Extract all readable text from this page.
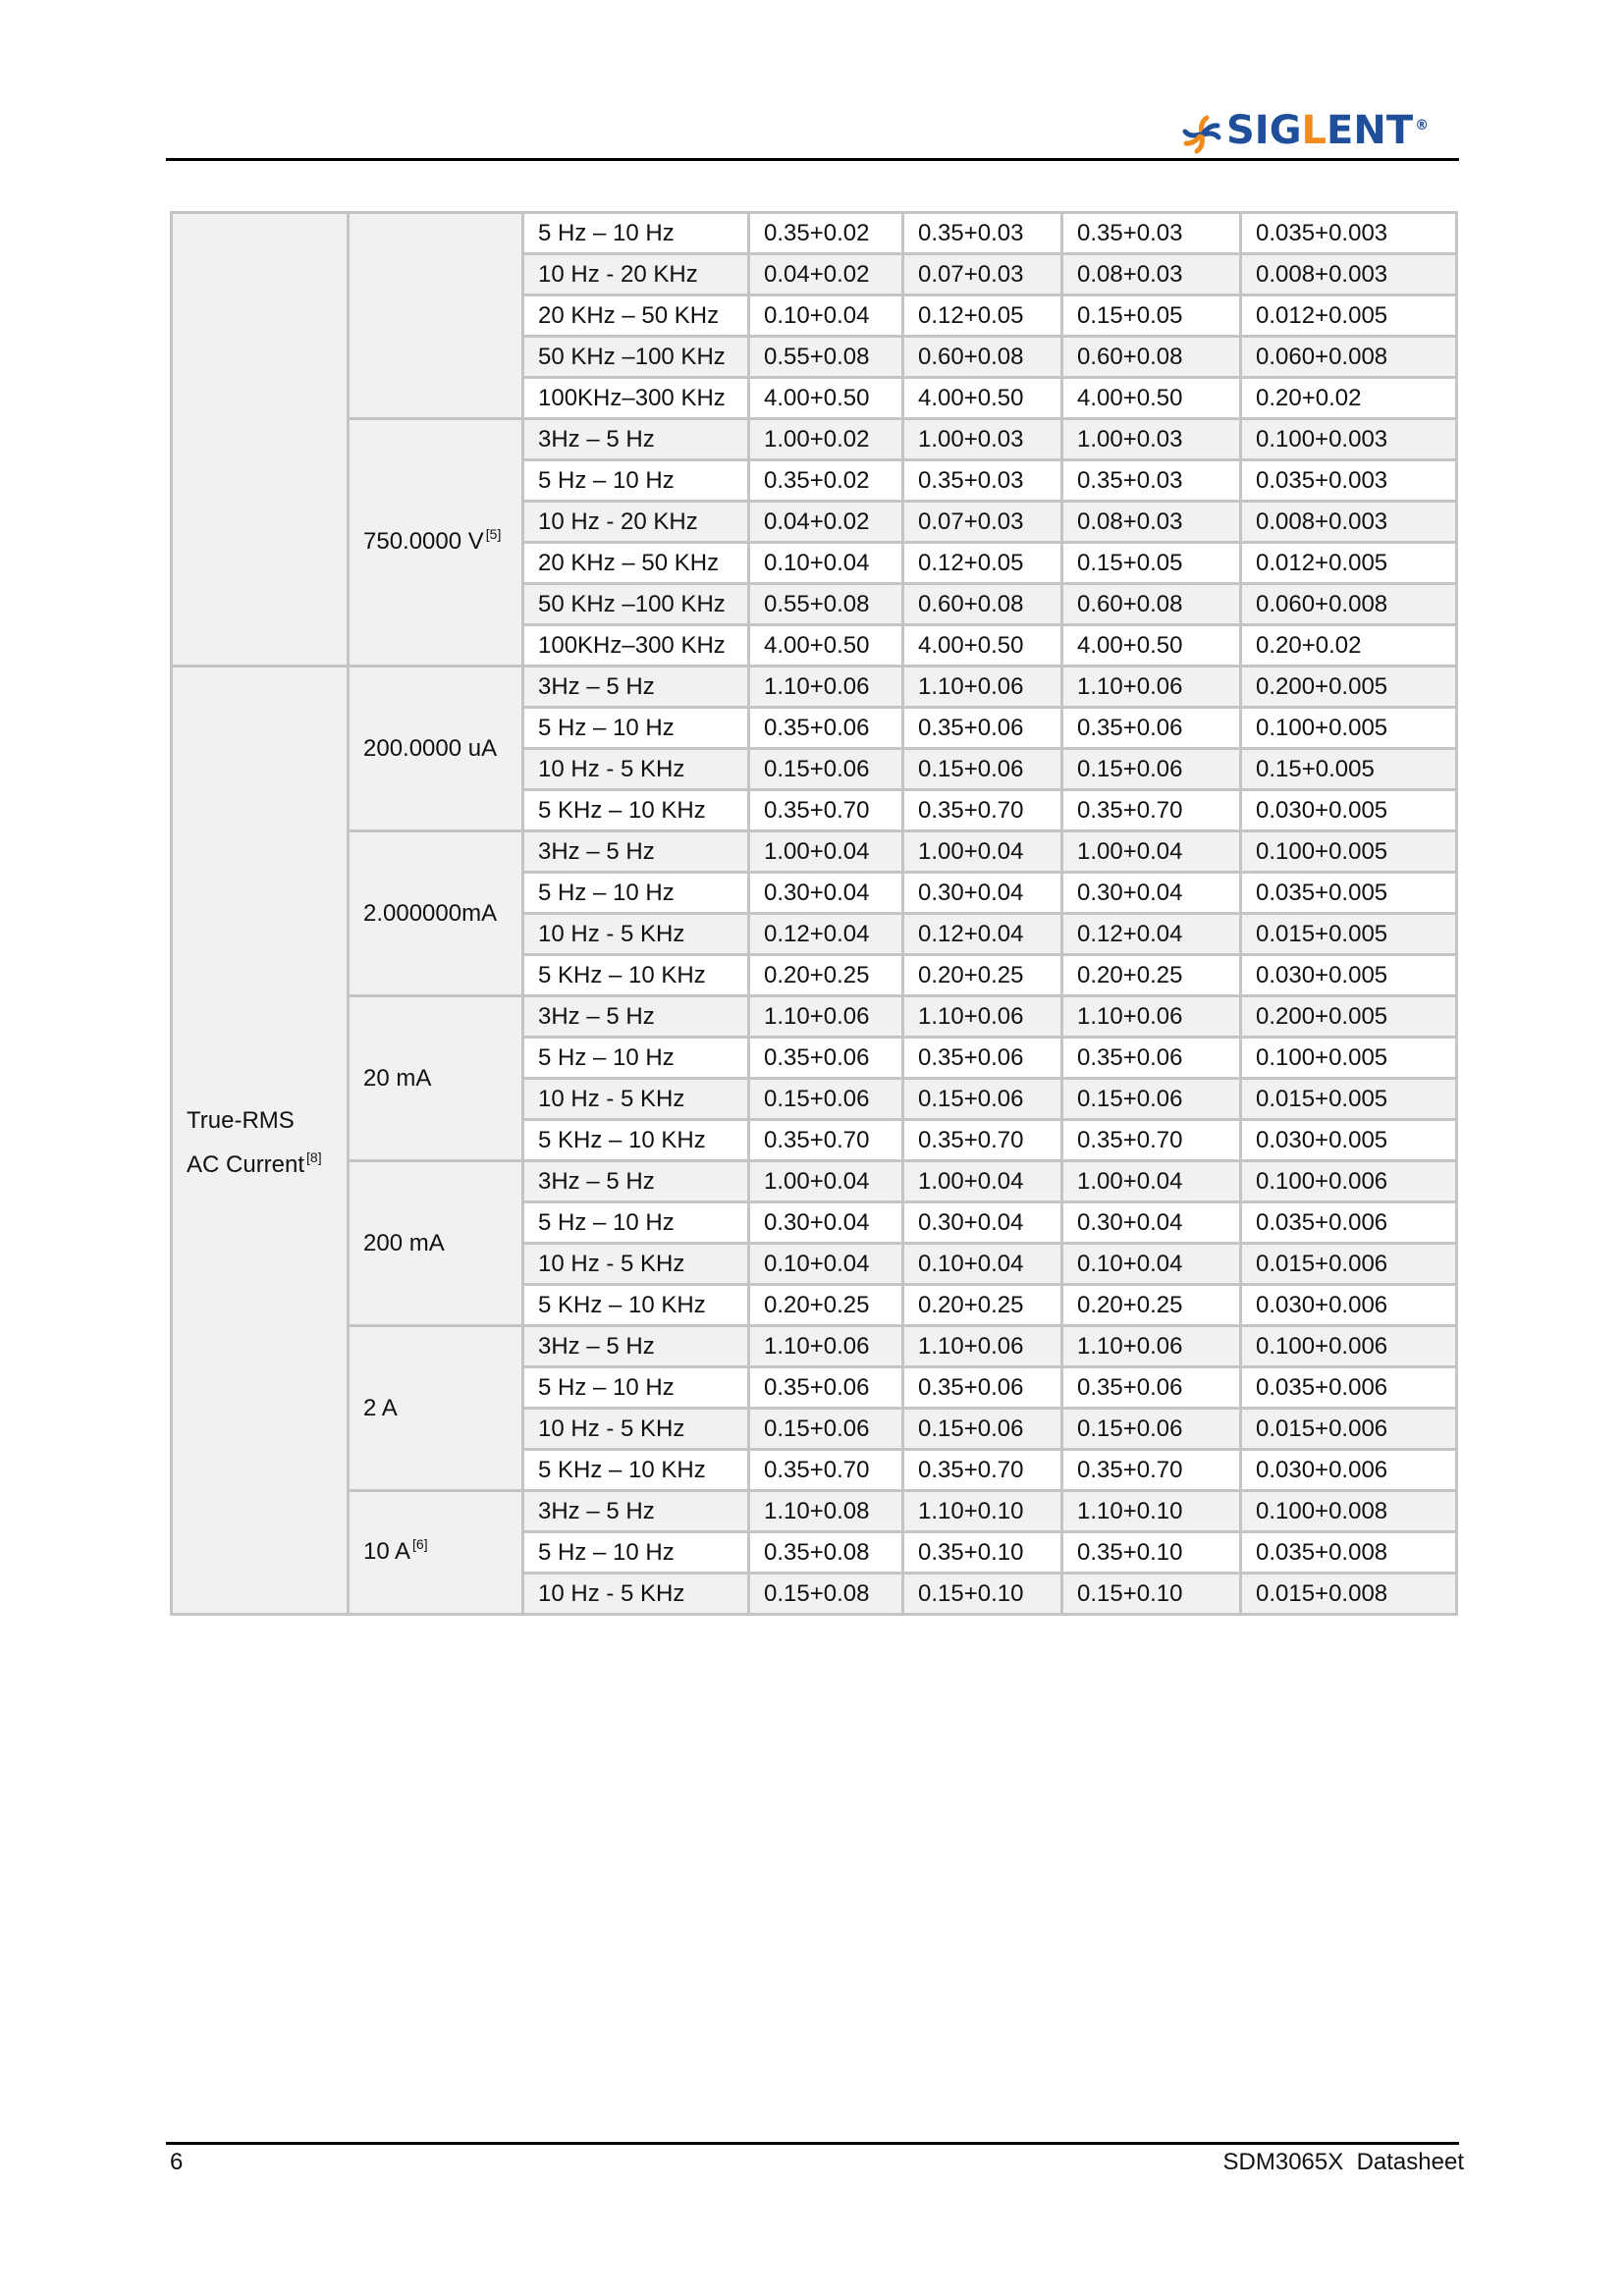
SIGLENT ®
		5 Hz – 10 Hz	0.35+0.02	0.35+0.03	0.35+0.03	0.035+0.003
		10 Hz - 20 KHz	0.04+0.02	0.07+0.03	0.08+0.03	0.008+0.003
		20 KHz – 50 KHz	0.10+0.04	0.12+0.05	0.15+0.05	0.012+0.005
		50 KHz –100 KHz	0.55+0.08	0.60+0.08	0.60+0.08	0.060+0.008
		100KHz–300 KHz	4.00+0.50	4.00+0.50	4.00+0.50	0.20+0.02
	750.0000 V [5]	3Hz – 5 Hz	1.00+0.02	1.00+0.03	1.00+0.03	0.100+0.003
		5 Hz – 10 Hz	0.35+0.02	0.35+0.03	0.35+0.03	0.035+0.003
		10 Hz - 20 KHz	0.04+0.02	0.07+0.03	0.08+0.03	0.008+0.003
		20 KHz – 50 KHz	0.10+0.04	0.12+0.05	0.15+0.05	0.012+0.005
		50 KHz –100 KHz	0.55+0.08	0.60+0.08	0.60+0.08	0.060+0.008
		100KHz–300 KHz	4.00+0.50	4.00+0.50	4.00+0.50	0.20+0.02

True-RMS
AC Current [8]	200.0000 uA	3Hz – 5 Hz	1.10+0.06	1.10+0.06	1.10+0.06	0.200+0.005
		5 Hz – 10 Hz	0.35+0.06	0.35+0.06	0.35+0.06	0.100+0.005
		10 Hz - 5 KHz	0.15+0.06	0.15+0.06	0.15+0.06	0.15+0.005
		5 KHz – 10 KHz	0.35+0.70	0.35+0.70	0.35+0.70	0.030+0.005
	2.000000mA	3Hz – 5 Hz	1.00+0.04	1.00+0.04	1.00+0.04	0.100+0.005
		5 Hz – 10 Hz	0.30+0.04	0.30+0.04	0.30+0.04	0.035+0.005
		10 Hz - 5 KHz	0.12+0.04	0.12+0.04	0.12+0.04	0.015+0.005
		5 KHz – 10 KHz	0.20+0.25	0.20+0.25	0.20+0.25	0.030+0.005
	20 mA	3Hz – 5 Hz	1.10+0.06	1.10+0.06	1.10+0.06	0.200+0.005
		5 Hz – 10 Hz	0.35+0.06	0.35+0.06	0.35+0.06	0.100+0.005
		10 Hz - 5 KHz	0.15+0.06	0.15+0.06	0.15+0.06	0.015+0.005
		5 KHz – 10 KHz	0.35+0.70	0.35+0.70	0.35+0.70	0.030+0.005
	200 mA	3Hz – 5 Hz	1.00+0.04	1.00+0.04	1.00+0.04	0.100+0.006
		5 Hz – 10 Hz	0.30+0.04	0.30+0.04	0.30+0.04	0.035+0.006
		10 Hz - 5 KHz	0.10+0.04	0.10+0.04	0.10+0.04	0.015+0.006
		5 KHz – 10 KHz	0.20+0.25	0.20+0.25	0.20+0.25	0.030+0.006
	2 A	3Hz – 5 Hz	1.10+0.06	1.10+0.06	1.10+0.06	0.100+0.006
		5 Hz – 10 Hz	0.35+0.06	0.35+0.06	0.35+0.06	0.035+0.006
		10 Hz - 5 KHz	0.15+0.06	0.15+0.06	0.15+0.06	0.015+0.006
		5 KHz – 10 KHz	0.35+0.70	0.35+0.70	0.35+0.70	0.030+0.006
	10 A [6]	3Hz – 5 Hz	1.10+0.08	1.10+0.10	1.10+0.10	0.100+0.008
		5 Hz – 10 Hz	0.35+0.08	0.35+0.10	0.35+0.10	0.035+0.008
		10 Hz - 5 KHz	0.15+0.08	0.15+0.10	0.15+0.10	0.015+0.008
6	SDM3065X  Datasheet
